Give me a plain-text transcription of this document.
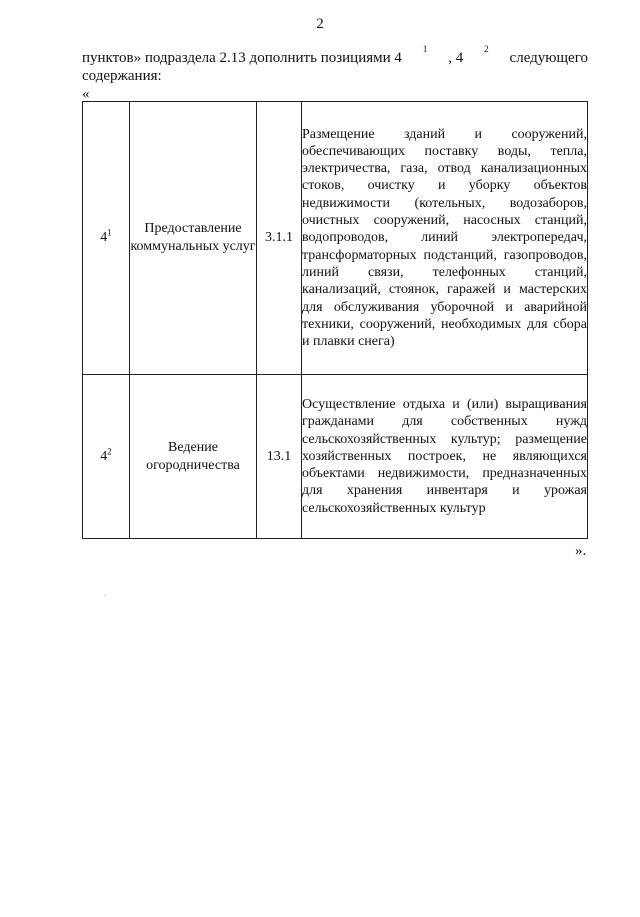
2
пунктов» подраздела 2.13 дополнить позициями 4
1
, 4
2
следующего
содержания:
«
$4^1$	Предоставление коммунальных услуг	3.1.1	Размещение зданий и сооружений, обеспечивающих поставку воды, тепла, электричества, газа, отвод канализационных стоков, очистку и уборку объектов недвижимости (котельных, водозаборов, очистных сооружений, насосных станций, водопроводов, линий электропередач, трансформаторных подстанций, газопроводов, линий связи, телефонных станций, канализаций, стоянок, гаражей и мастерских для обслуживания уборочной и аварийной техники, сооружений, необходимых для сбора и плавки снега)
$4^2$	Ведение огородничества	13.1	Осуществление отдыха и (или) выращивания гражданами для собственных нужд сельскохозяйственных культур; размещение хозяйственных построек, не являющихся объектами недвижимости, предназначенных для хранения инвентаря и урожая сельскохозяйственных культур
».
